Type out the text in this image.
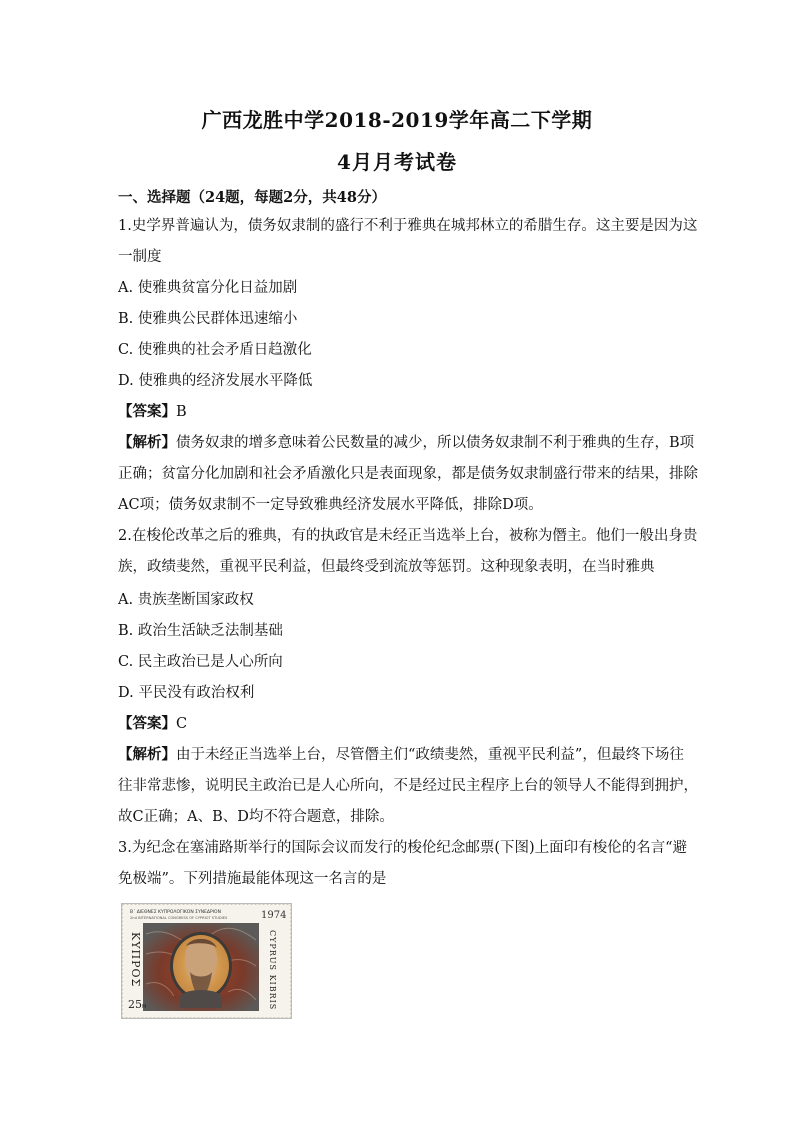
广西龙胜中学2018-2019学年高二下学期
4月月考试卷
一、选择题（24题，每题2分，共48分）
1.史学界普遍认为，债务奴隶制的盛行不利于雅典在城邦林立的希腊生存。这主要是因为这
一制度
A. 使雅典贫富分化日益加剧
B. 使雅典公民群体迅速缩小
C. 使雅典的社会矛盾日趋激化
D. 使雅典的经济发展水平降低
【答案】B
【解析】债务奴隶的增多意味着公民数量的减少，所以债务奴隶制不利于雅典的生存，B项
正确；贫富分化加剧和社会矛盾激化只是表面现象，都是债务奴隶制盛行带来的结果，排除
AC项；债务奴隶制不一定导致雅典经济发展水平降低，排除D项。
2.在梭伦改革之后的雅典，有的执政官是未经正当选举上台，被称为僭主。他们一般出身贵
族，政绩斐然，重视平民利益，但最终受到流放等惩罚。这种现象表明，在当时雅典
A. 贵族垄断国家政权
B. 政治生活缺乏法制基础
C. 民主政治已是人心所向
D. 平民没有政治权利
【答案】C
【解析】由于未经正当选举上台，尽管僭主们“政绩斐然，重视平民利益”，但最终下场往
往非常悲惨，说明民主政治已是人心所向，不是经过民主程序上台的领导人不能得到拥护，
故C正确；A、B、D均不符合题意，排除。
3.为纪念在塞浦路斯举行的国际会议而发行的梭伦纪念邮票(下图)上面印有梭伦的名言“避
免极端”。下列措施最能体现这一名言的是
Β΄ ΔΙΕΘΝΕΣ ΚΥΠΡΟΛΟΓΙΚΟΝ ΣΥΝΕΔΡΙΟΝ
2nd INTERNATIONAL CONGRESS OF CYPRIOT STUDIES	1974
ΚΥΠΡΟΣ	CYPRUS KIBRIS
25 M
